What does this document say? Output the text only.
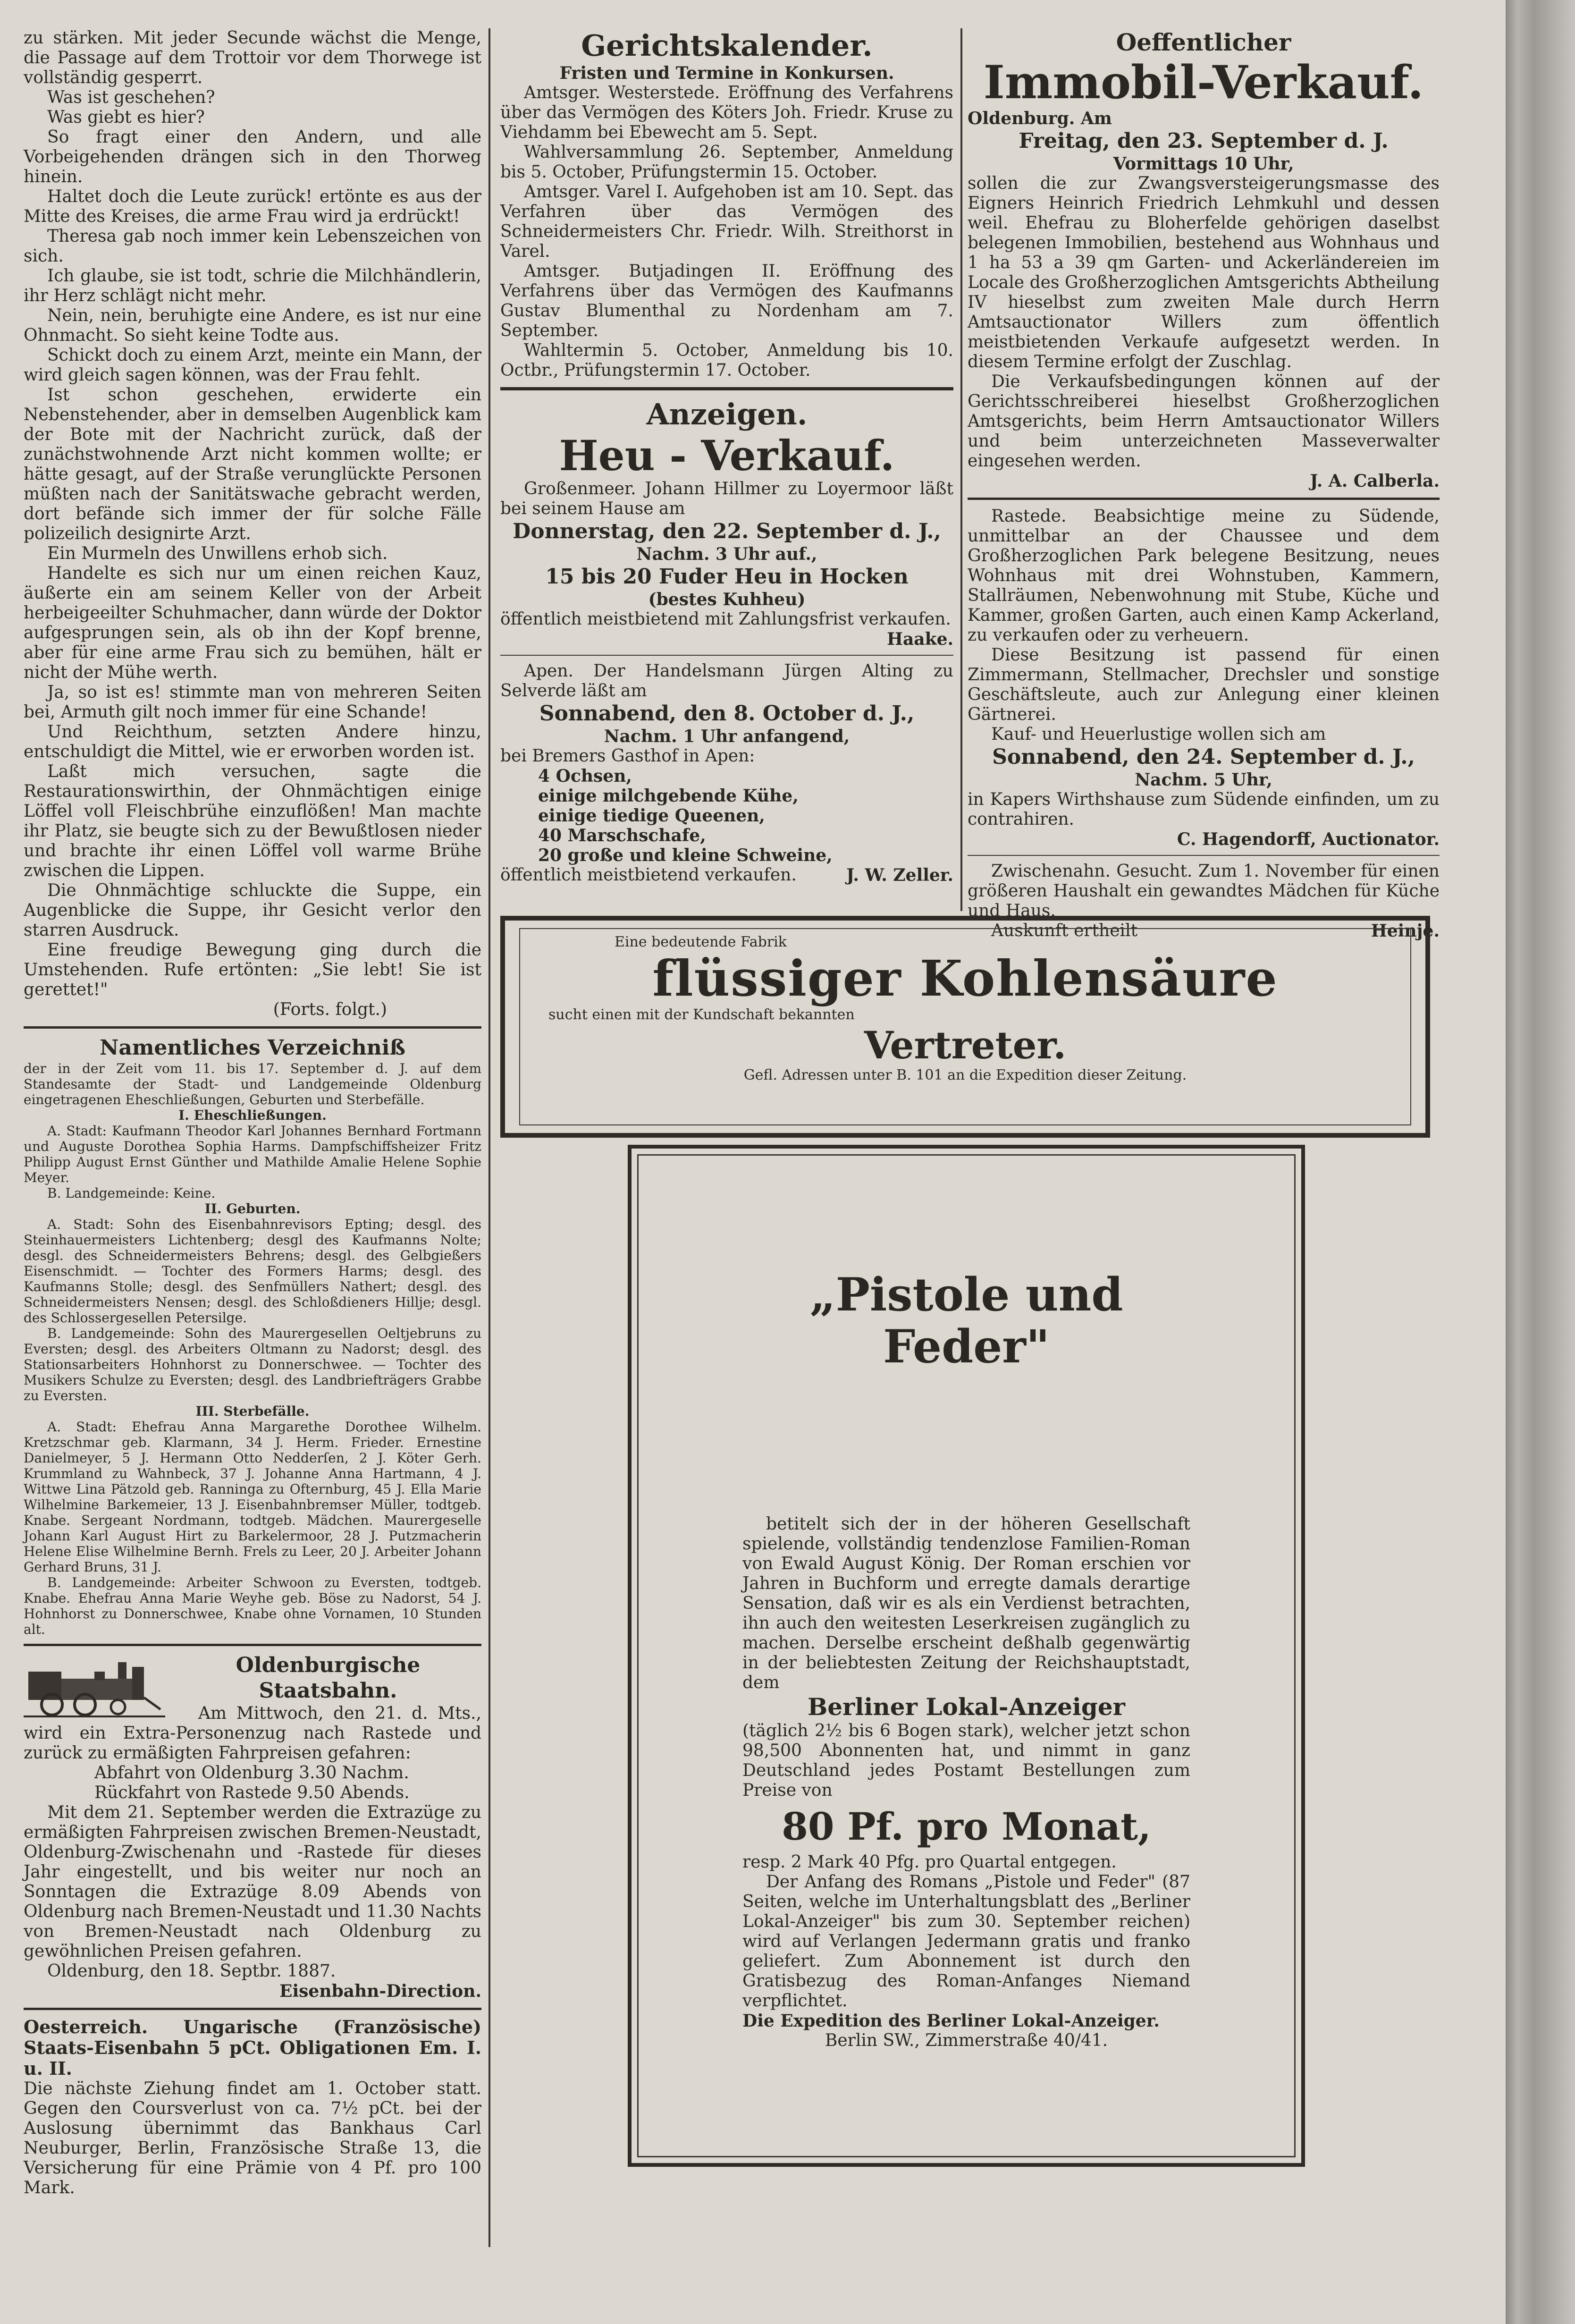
zu stärken. Mit jeder Secunde wächst die Menge, die Passage auf dem Trottoir vor dem Thorwege ist vollständig gesperrt.

Was ist geschehen?

Was giebt es hier?

So fragt einer den Andern, und alle Vorbeigehenden drängen sich in den Thorweg hinein.

Haltet doch die Leute zurück! ertönte es aus der Mitte des Kreises, die arme Frau wird ja erdrückt!

Theresa gab noch immer kein Lebenszeichen von sich.

Ich glaube, sie ist todt, schrie die Milchhändlerin, ihr Herz schlägt nicht mehr.

Nein, nein, beruhigte eine Andere, es ist nur eine Ohnmacht. So sieht keine Todte aus.

Schickt doch zu einem Arzt, meinte ein Mann, der wird gleich sagen können, was der Frau fehlt.

Ist schon geschehen, erwiderte ein Nebenstehender, aber in demselben Augenblick kam der Bote mit der Nachricht zurück, daß der zunächstwohnende Arzt nicht kommen wollte; er hätte gesagt, auf der Straße verunglückte Personen müßten nach der Sanitätswache gebracht werden, dort befände sich immer der für solche Fälle polizeilich designirte Arzt.

Ein Murmeln des Unwillens erhob sich.

Handelte es sich nur um einen reichen Kauz, äußerte ein am seinem Keller von der Arbeit herbeigeeilter Schuhmacher, dann würde der Doktor aufgesprungen sein, als ob ihn der Kopf brenne, aber für eine arme Frau sich zu bemühen, hält er nicht der Mühe werth.

Ja, so ist es! stimmte man von mehreren Seiten bei, Armuth gilt noch immer für eine Schande!

Und Reichthum, setzten Andere hinzu, entschuldigt die Mittel, wie er erworben worden ist.

Laßt mich versuchen, sagte die Restaurationswirthin, der Ohnmächtigen einige Löffel voll Fleischbrühe einzuflößen! Man machte ihr Platz, sie beugte sich zu der Bewußtlosen nieder und brachte ihr einen Löffel voll warme Brühe zwischen die Lippen.

Die Ohnmächtige schluckte die Suppe, ein Augenblicke die Suppe, ihr Gesicht verlor den starren Ausdruck.

Eine freudige Bewegung ging durch die Umstehenden. Rufe ertönten: „Sie lebt! Sie ist gerettet!"

(Forts. folgt.)

Namentliches Verzeichniß

der in der Zeit vom 11. bis 17. September d. J. auf dem Standesamte der Stadt- und Landgemeinde Oldenburg eingetragenen Eheschließungen, Geburten und Sterbefälle.

I. Eheschließungen.

A. Stadt: Kaufmann Theodor Karl Johannes Bernhard Fortmann und Auguste Dorothea Sophia Harms. Dampfschiffsheizer Fritz Philipp August Ernst Günther und Mathilde Amalie Helene Sophie Meyer.

B. Landgemeinde: Keine.

II. Geburten.

A. Stadt: Sohn des Eisenbahnrevisors Epting; desgl. des Steinhauermeisters Lichtenberg; desgl des Kaufmanns Nolte; desgl. des Schneidermeisters Behrens; desgl. des Gelbgießers Eisenschmidt. — Tochter des Formers Harms; desgl. des Kaufmanns Stolle; desgl. des Senfmüllers Nathert; desgl. des Schneidermeisters Nensen; desgl. des Schloßdieners Hillje; desgl. des Schlossergesellen Petersilge.

B. Landgemeinde: Sohn des Maurergesellen Oeltjebruns zu Eversten; desgl. des Arbeiters Oltmann zu Nadorst; desgl. des Stationsarbeiters Hohnhorst zu Donnerschwee. — Tochter des Musikers Schulze zu Eversten; desgl. des Landbriefträgers Grabbe zu Eversten.

III. Sterbefälle.

A. Stadt: Ehefrau Anna Margarethe Dorothee Wilhelm. Kretzschmar geb. Klarmann, 34 J. Herm. Frieder. Ernestine Danielmeyer, 5 J. Hermann Otto Nedderſen, 2 J. Köter Gerh. Krummland zu Wahnbeck, 37 J. Johanne Anna Hartmann, 4 J. Wittwe Lina Pätzold geb. Ranninga zu Ofternburg, 45 J. Ella Marie Wilhelmine Barkemeier, 13 J. Eisenbahnbremser Müller, todtgeb. Knabe. Sergeant Nordmann, todtgeb. Mädchen. Maurergeselle Johann Karl August Hirt zu Barkelermoor, 28 J. Putzmacherin Helene Elise Wilhelmine Bernh. Frels zu Leer, 20 J. Arbeiter Johann Gerhard Bruns, 31 J.

B. Landgemeinde: Arbeiter Schwoon zu Eversten, todtgeb. Knabe. Ehefrau Anna Marie Weyhe geb. Böse zu Nadorst, 54 J. Hohnhorst zu Donnerschwee, Knabe ohne Vornamen, 10 Stunden alt.

Oldenburgische Staatsbahn.

Am Mittwoch, den 21. d. Mts., wird ein Extra-Personenzug nach Rastede und zurück zu ermäßigten Fahrpreisen gefahren:

Abfahrt von Oldenburg 3.30 Nachm.

Rückfahrt von Rastede 9.50 Abends.

Mit dem 21. September werden die Extrazüge zu ermäßigten Fahrpreisen zwischen Bremen-Neustadt, Oldenburg-Zwischenahn und -Rastede für dieses Jahr eingestellt, und bis weiter nur noch an Sonntagen die Extrazüge 8.09 Abends von Oldenburg nach Bremen-Neustadt und 11.30 Nachts von Bremen-Neustadt nach Oldenburg zu gewöhnlichen Preisen gefahren.

Oldenburg, den 18. Septbr. 1887.

Eisenbahn-Direction.

Oesterreich. Ungarische (Französische) Staats-Eisenbahn 5 pCt. Obligationen Em. I. u. II.

Die nächste Ziehung findet am 1. October statt. Gegen den Coursverlust von ca. 7½ pCt. bei der Auslosung übernimmt das Bankhaus Carl Neuburger, Berlin, Französische Straße 13, die Versicherung für eine Prämie von 4 Pf. pro 100 Mark.

Gerichtskalender.

Fristen und Termine in Konkursen.

Amtsger. Westerstede. Eröffnung des Verfahrens über das Vermögen des Köters Joh. Friedr. Kruse zu Viehdamm bei Ebewecht am 5. Sept.

Wahlversammlung 26. September, Anmeldung bis 5. October, Prüfungstermin 15. October.

Amtsger. Varel I. Aufgehoben ist am 10. Sept. das Verfahren über das Vermögen des Schneidermeisters Chr. Friedr. Wilh. Streithorst in Varel.

Amtsger. Butjadingen II. Eröffnung des Verfahrens über das Vermögen des Kaufmanns Gustav Blumenthal zu Nordenham am 7. September.

Wahltermin 5. October, Anmeldung bis 10. Octbr., Prüfungstermin 17. October.

Anzeigen.
Heu - Verkauf.

Großenmeer. Johann Hillmer zu Loyermoor läßt bei seinem Hause am

Donnerstag, den 22. September d. J.,

Nachm. 3 Uhr auf.,

15 bis 20 Fuder Heu in Hocken

(bestes Kuhheu)

öffentlich meistbietend mit Zahlungsfrist verkaufen.

Haake.

Apen. Der Handelsmann Jürgen Alting zu Selverde läßt am

Sonnabend, den 8. October d. J.,

Nachm. 1 Uhr anfangend,

bei Bremers Gasthof in Apen:

4 Ochsen,

einige milchgebende Kühe,

einige tiedige Queenen,

40 Marschschafe,

20 große und kleine Schweine,

öffentlich meistbietend verkaufen.	J. W. Zeller.

Oeffentlicher
Immobil-Verkauf.

Oldenburg. Am

Freitag, den 23. September d. J.

Vormittags 10 Uhr,

sollen die zur Zwangsversteigerungsmasse des Eigners Heinrich Friedrich Lehmkuhl und dessen weil. Ehefrau zu Bloherfelde gehörigen daselbst belegenen Immobilien, bestehend aus Wohnhaus und 1 ha 53 a 39 qm Garten- und Ackerländereien im Locale des Großherzoglichen Amtsgerichts Abtheilung IV hieselbst zum zweiten Male durch Herrn Amtsauctionator Willers zum öffentlich meistbietenden Verkaufe aufgesetzt werden. In diesem Termine erfolgt der Zuschlag.

Die Verkaufsbedingungen können auf der Gerichtsschreiberei hieselbst Großherzoglichen Amtsgerichts, beim Herrn Amtsauctionator Willers und beim unterzeichneten Masseverwalter eingesehen werden.

J. A. Calberla.

Rastede. Beabsichtige meine zu Südende, unmittelbar an der Chaussee und dem Großherzoglichen Park belegene Besitzung, neues Wohnhaus mit drei Wohnstuben, Kammern, Stallräumen, Nebenwohnung mit Stube, Küche und Kammer, großen Garten, auch einen Kamp Ackerland, zu verkaufen oder zu verheuern.

Diese Besitzung ist passend für einen Zimmermann, Stellmacher, Drechsler und sonstige Geschäftsleute, auch zur Anlegung einer kleinen Gärtnerei.

Kauf- und Heuerlustige wollen sich am

Sonnabend, den 24. September d. J.,

Nachm. 5 Uhr,

in Kapers Wirthshause zum Südende einfinden, um zu contrahiren.

C. Hagendorff, Auctionator.

Zwischenahn. Gesucht. Zum 1. November für einen größeren Haushalt ein gewandtes Mädchen für Küche und Haus.

Auskunft ertheilt	Heinje.

Eine bedeutende Fabrik

flüssiger Kohlensäure

sucht einen mit der Kundschaft bekannten

Vertreter.

Gefl. Adressen unter B. 101 an die Expedition dieser Zeitung.

„Pistole und Feder"

betitelt sich der in der höheren Gesellschaft spielende, vollständig tendenzlose Familien-Roman von Ewald August König. Der Roman erschien vor Jahren in Buchform und erregte damals derartige Sensation, daß wir es als ein Verdienst betrachten, ihn auch den weitesten Leserkreisen zugänglich zu machen. Derselbe erscheint deßhalb gegenwärtig in der beliebtesten Zeitung der Reichshauptstadt, dem

Berliner Lokal-Anzeiger

(täglich 2½ bis 6 Bogen stark), welcher jetzt schon 98,500 Abonnenten hat, und nimmt in ganz Deutschland jedes Postamt Bestellungen zum Preise von

80 Pf. pro Monat,

resp. 2 Mark 40 Pfg. pro Quartal entgegen.

Der Anfang des Romans „Pistole und Feder" (87 Seiten, welche im Unterhaltungsblatt des „Berliner Lokal-Anzeiger" bis zum 30. September reichen) wird auf Verlangen Jedermann gratis und franko geliefert. Zum Abonnement ist durch den Gratisbezug des Roman-Anfanges Niemand verpflichtet.

Die Expedition des Berliner Lokal-Anzeiger.

Berlin SW., Zimmerstraße 40/41.
